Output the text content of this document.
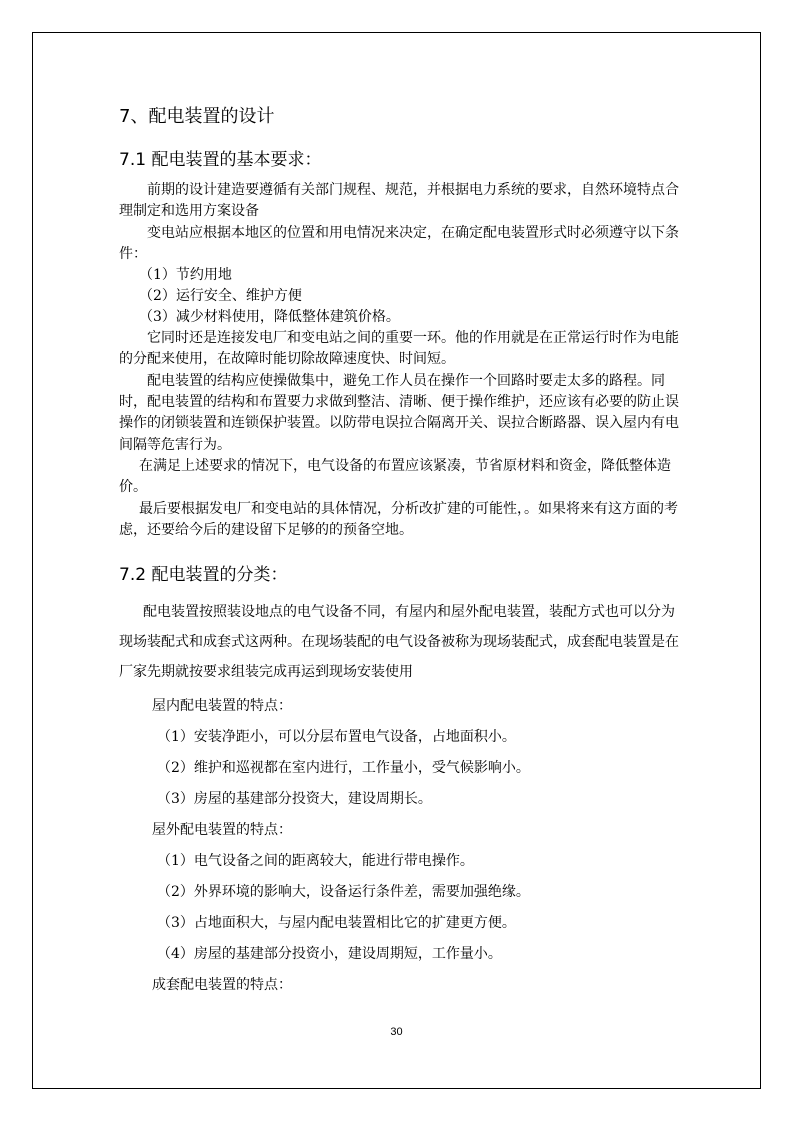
7、配电装置的设计
7.1 配电装置的基本要求：
前期的设计建造要遵循有关部门规程、规范，并根据电力系统的要求，自然环境特点合理制定和选用方案设备
变电站应根据本地区的位置和用电情况来决定，在确定配电装置形式时必须遵守以下条件：
（1）节约用地
（2）运行安全、维护方便
（3）减少材料使用，降低整体建筑价格。
它同时还是连接发电厂和变电站之间的重要一环。他的作用就是在正常运行时作为电能的分配来使用，在故障时能切除故障速度快、时间短。
配电装置的结构应使操做集中，避免工作人员在操作一个回路时要走太多的路程。同时，配电装置的结构和布置要力求做到整洁、清晰、便于操作维护，还应该有必要的防止误操作的闭锁装置和连锁保护装置。以防带电误拉合隔离开关、误拉合断路器、误入屋内有电间隔等危害行为。
在满足上述要求的情况下，电气设备的布置应该紧凑，节省原材料和资金，降低整体造价。
最后要根据发电厂和变电站的具体情况，分析改扩建的可能性，。如果将来有这方面的考虑，还要给今后的建设留下足够的的预备空地。
7.2 配电装置的分类：
配电装置按照装设地点的电气设备不同，有屋内和屋外配电装置，装配方式也可以分为现场装配式和成套式这两种。在现场装配的电气设备被称为现场装配式，成套配电装置是在厂家先期就按要求组装完成再运到现场安装使用
屋内配电装置的特点：
（1）安装净距小，可以分层布置电气设备，占地面积小。
（2）维护和巡视都在室内进行，工作量小，受气候影响小。
（3）房屋的基建部分投资大，建设周期长。
屋外配电装置的特点：
（1）电气设备之间的距离较大，能进行带电操作。
（2）外界环境的影响大，设备运行条件差，需要加强绝缘。
（3）占地面积大，与屋内配电装置相比它的扩建更方便。
（4）房屋的基建部分投资小，建设周期短，工作量小。
成套配电装置的特点：
30
